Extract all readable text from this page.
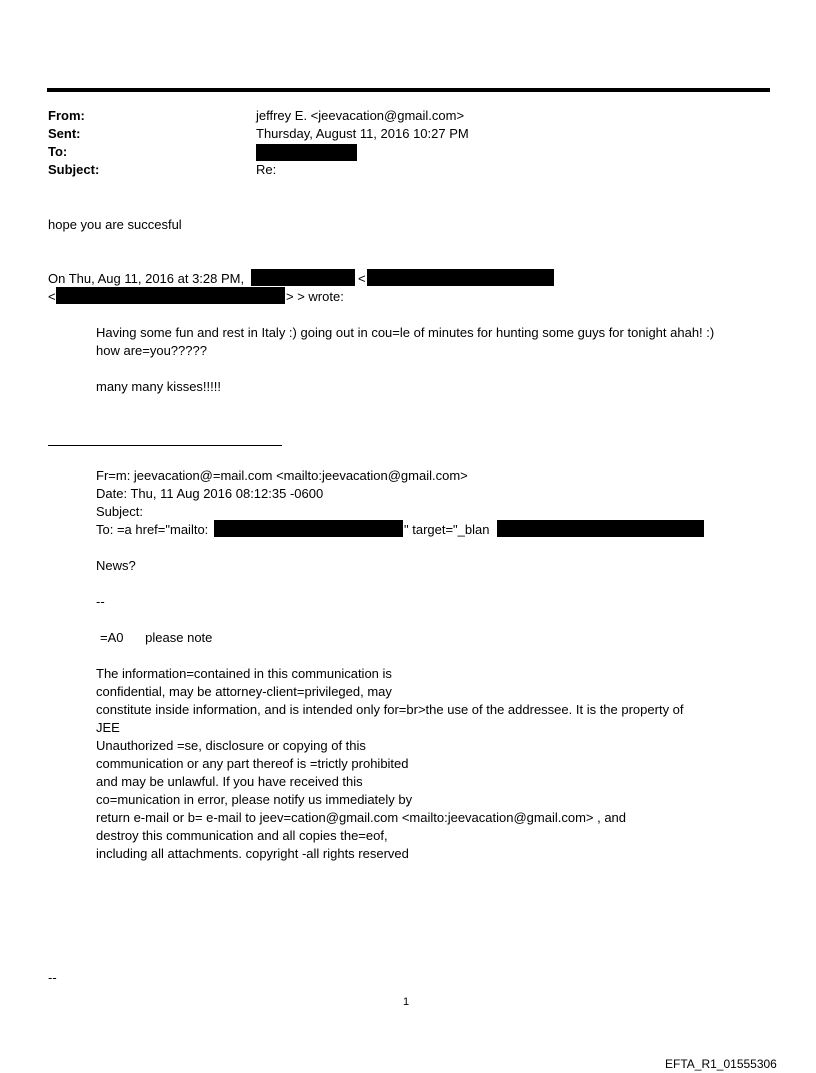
From:	jeffrey E. <jeevacation@gmail.com>
Sent:	Thursday, August 11, 2016 10:27 PM
To:
Subject:	Re:
hope you are succesful
On Thu, Aug 11, 2016 at 3:28 PM,	<
<	> > wrote:
Having some fun and rest in Italy :) going out in cou=le of minutes for hunting some guys for tonight ahah! :)
how are=you?????
many many kisses!!!!!
Fr=m: jeevacation@=mail.com <mailto:jeevacation@gmail.com>
Date: Thu, 11 Aug 2016 08:12:35 -0600
Subject:
To: =a href="mailto:	" target="_blan
News?
--
=A0      please note
The information=contained in this communication is
confidential, may be attorney-client=privileged, may
constitute inside information, and is intended only for=br>the use of the addressee. It is the property of
JEE
Unauthorized =se, disclosure or copying of this
communication or any part thereof is =trictly prohibited
and may be unlawful. If you have received this
co=munication in error, please notify us immediately by
return e-mail or b= e-mail to jeev=cation@gmail.com <mailto:jeevacation@gmail.com> , and
destroy this communication and all copies the=eof,
including all attachments. copyright -all rights reserved
--
1
EFTA_R1_01555306
